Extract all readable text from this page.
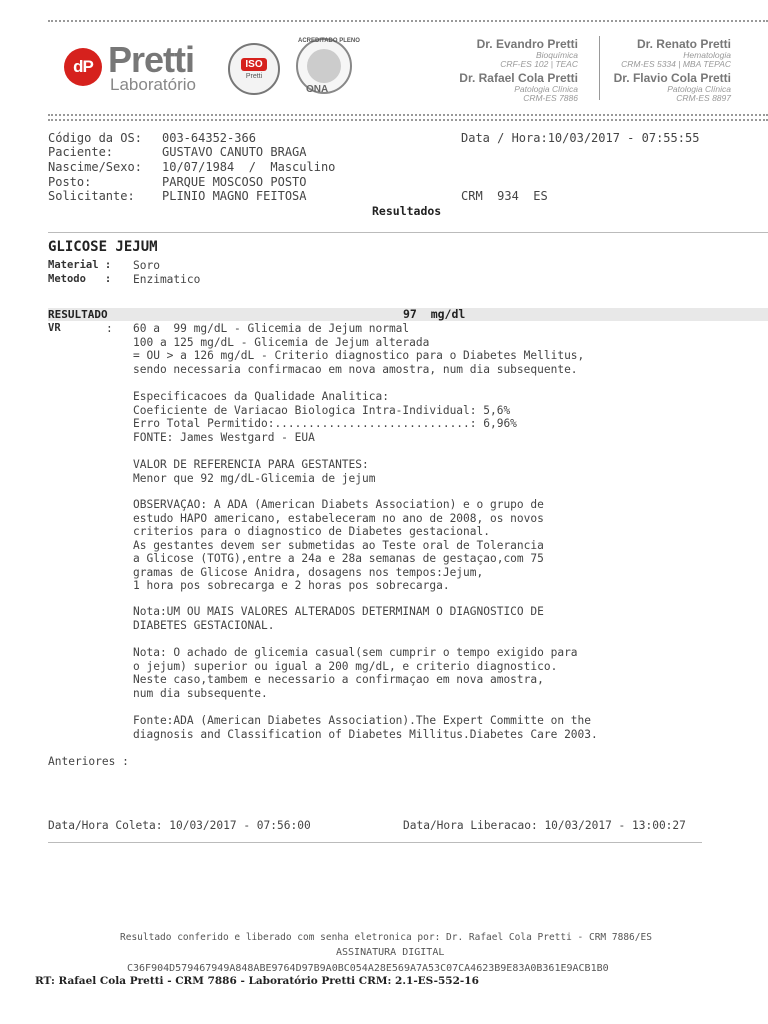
dP Pretti
Laboratório
ISO
Pretti
ACREDITADO PLENO
ONA
Dr. Evandro Pretti
Bioquímica
CRF-ES 102 | TEAC
Dr. Rafael Cola Pretti
Patologia Clínica
CRM-ES 7886
Dr. Renato Pretti
Hematologia
CRM-ES 5334 | MBA TEPAC
Dr. Flavio Cola Pretti
Patologia Clínica
CRM-ES 8897
Código da OS: 003-64352-366	Data / Hora:10/03/2017 - 07:55:55
Paciente:	GUSTAVO CANUTO BRAGA
Nascime/Sexo: 10/07/1984  /  Masculino
Posto:	PARQUE MOSCOSO POSTO
Solicitante: PLINIO MAGNO FEITOSA	CRM  934  ES
Resultados
GLICOSE JEJUM
Material : Soro
Metodo   : Enzimatico
RESULTADO	97  mg/dl
VR	: 60 a  99 mg/dL - Glicemia de Jejum normal
100 a 125 mg/dL - Glicemia de Jejum alterada
= OU > a 126 mg/dL - Criterio diagnostico para o Diabetes Mellitus,
sendo necessaria confirmacao em nova amostra, num dia subsequente.
Especificacoes da Qualidade Analitica:
Coeficiente de Variacao Biologica Intra-Individual: 5,6%
Erro Total Permitido:.............................: 6,96%
FONTE: James Westgard - EUA
VALOR DE REFERENCIA PARA GESTANTES:
Menor que 92 mg/dL-Glicemia de jejum
OBSERVAÇAO: A ADA (American Diabets Association) e o grupo de
estudo HAPO americano, estabeleceram no ano de 2008, os novos
criterios para o diagnostico de Diabetes gestacional.
As gestantes devem ser submetidas ao Teste oral de Tolerancia
a Glicose (TOTG),entre a 24a e 28a semanas de gestaçao,com 75
gramas de Glicose Anidra, dosagens nos tempos:Jejum,
1 hora pos sobrecarga e 2 horas pos sobrecarga.
Nota:UM OU MAIS VALORES ALTERADOS DETERMINAM O DIAGNOSTICO DE
DIABETES GESTACIONAL.
Nota: O achado de glicemia casual(sem cumprir o tempo exigido para
o jejum) superior ou igual a 200 mg/dL, e criterio diagnostico.
Neste caso,tambem e necessario a confirmaçao em nova amostra,
num dia subsequente.
Fonte:ADA (American Diabetes Association).The Expert Committe on the
diagnosis and Classification of Diabetes Millitus.Diabetes Care 2003.
Anteriores :
Data/Hora Coleta: 10/03/2017 - 07:56:00	Data/Hora Liberacao: 10/03/2017 - 13:00:27
Resultado conferido e liberado com senha eletronica por: Dr. Rafael Cola Pretti - CRM 7886/ES
ASSINATURA DIGITAL
C36F904D579467949A848ABE9764D97B9A0BC054A28E569A7A53C07CA4623B9E83A0B361E9ACB1B0
RT: Rafael Cola Pretti - CRM 7886 - Laboratório Pretti CRM: 2.1-ES-552-16
